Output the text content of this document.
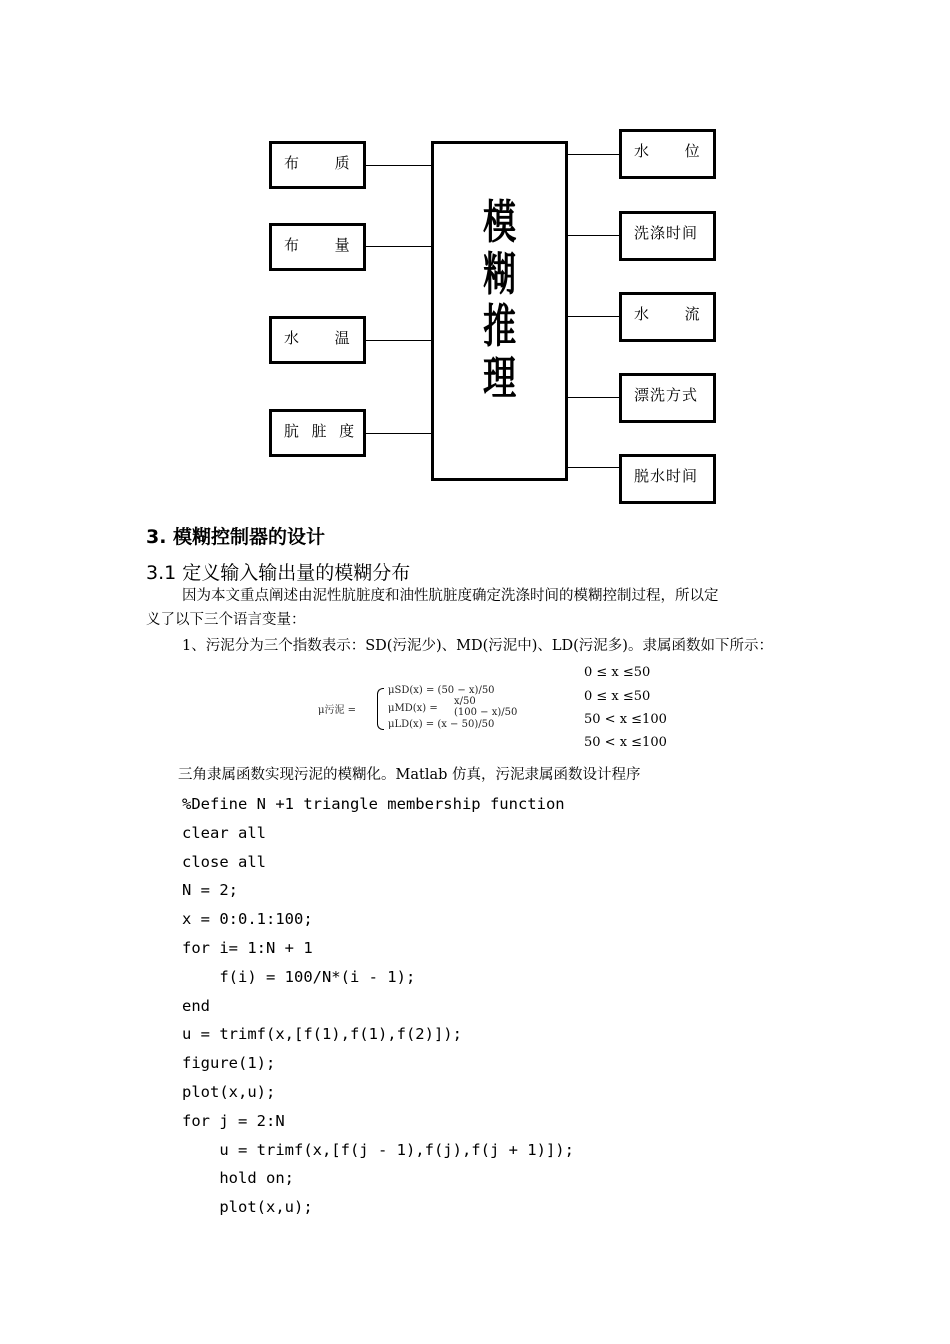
布      质
布      量
水      温
肮  脏  度
模
糊
推
理
水      位
洗涤时间
水      流
漂洗方式
脱水时间
3. 模糊控制器的设计
3.1 定义输入输出量的模糊分布
因为本文重点阐述由泥性肮脏度和油性肮脏度确定洗涤时间的模糊控制过程，所以定
义了以下三个语言变量：
1、污泥分为三个指数表示：SD(污泥少)、MD(污泥中)、LD(污泥多)。隶属函数如下所示：
μ污泥 =
μSD(x) = (50 − x)/50
μMD(x) =
x/50
(100 − x)/50
μLD(x) = (x − 50)/50
0 ≤ x ≤50
0 ≤ x ≤50
50 < x ≤100
50 < x ≤100
三角隶属函数实现污泥的模糊化。Matlab 仿真，污泥隶属函数设计程序
%Define N +1 triangle membership function
clear all
close all
N = 2;
x = 0:0.1:100;
for i= 1:N + 1
f(i) = 100/N*(i - 1);
end
u = trimf(x,[f(1),f(1),f(2)]);
figure(1);
plot(x,u);
for j = 2:N
u = trimf(x,[f(j - 1),f(j),f(j + 1)]);
hold on;
plot(x,u);
